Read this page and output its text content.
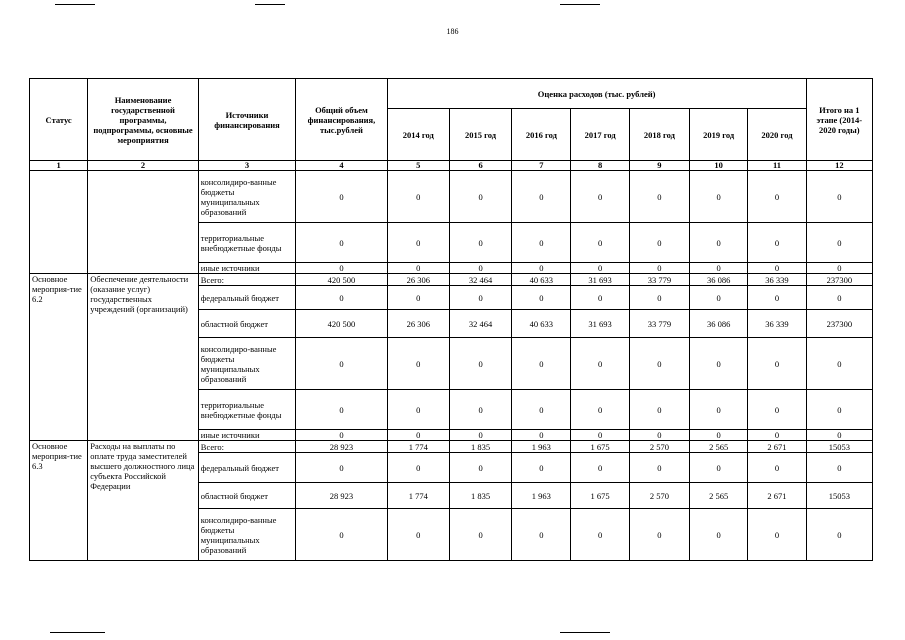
186
Статус	Наименование государственной программы, подпрограммы, основные мероприятия	Источники финансирования	Общий объем финансирования, тыс.рублей	Оценка расходов (тыс. рублей)							Итого на 1 этапе (2014-2020 годы)
				2014 год	2015 год	2016 год	2017 год	2018 год	2019 год	2020 год	
1	2	3	4	5	6	7	8	9	10	11	12
		консолидиро-ванные бюджеты муниципальных образований	0	0	0	0	0	0	0	0	0
		территориальные внебюджетные фонды	0	0	0	0	0	0	0	0	0
		иные источники	0	0	0	0	0	0	0	0	0
Основное мероприя-тие 6.2	Обеспечение деятельности (оказание услуг) государственных учреждений (организаций)	Всего:	420 500	26 306	32 464	40 633	31 693	33 779	36 086	36 339	237300
		федеральный бюджет	0	0	0	0	0	0	0	0	0
		областной бюджет	420 500	26 306	32 464	40 633	31 693	33 779	36 086	36 339	237300
		консолидиро-ванные бюджеты муниципальных образований	0	0	0	0	0	0	0	0	0
		территориальные внебюджетные фонды	0	0	0	0	0	0	0	0	0
		иные источники	0	0	0	0	0	0	0	0	0
Основное мероприя-тие 6.3	Расходы на выплаты по оплате труда заместителей высшего должностного лица субъекта Российской Федерации	Всего:	28 923	1 774	1 835	1 963	1 675	2 570	2 565	2 671	15053
		федеральный бюджет	0	0	0	0	0	0	0	0	0
		областной бюджет	28 923	1 774	1 835	1 963	1 675	2 570	2 565	2 671	15053
		консолидиро-ванные бюджеты муниципальных образований	0	0	0	0	0	0	0	0	0
